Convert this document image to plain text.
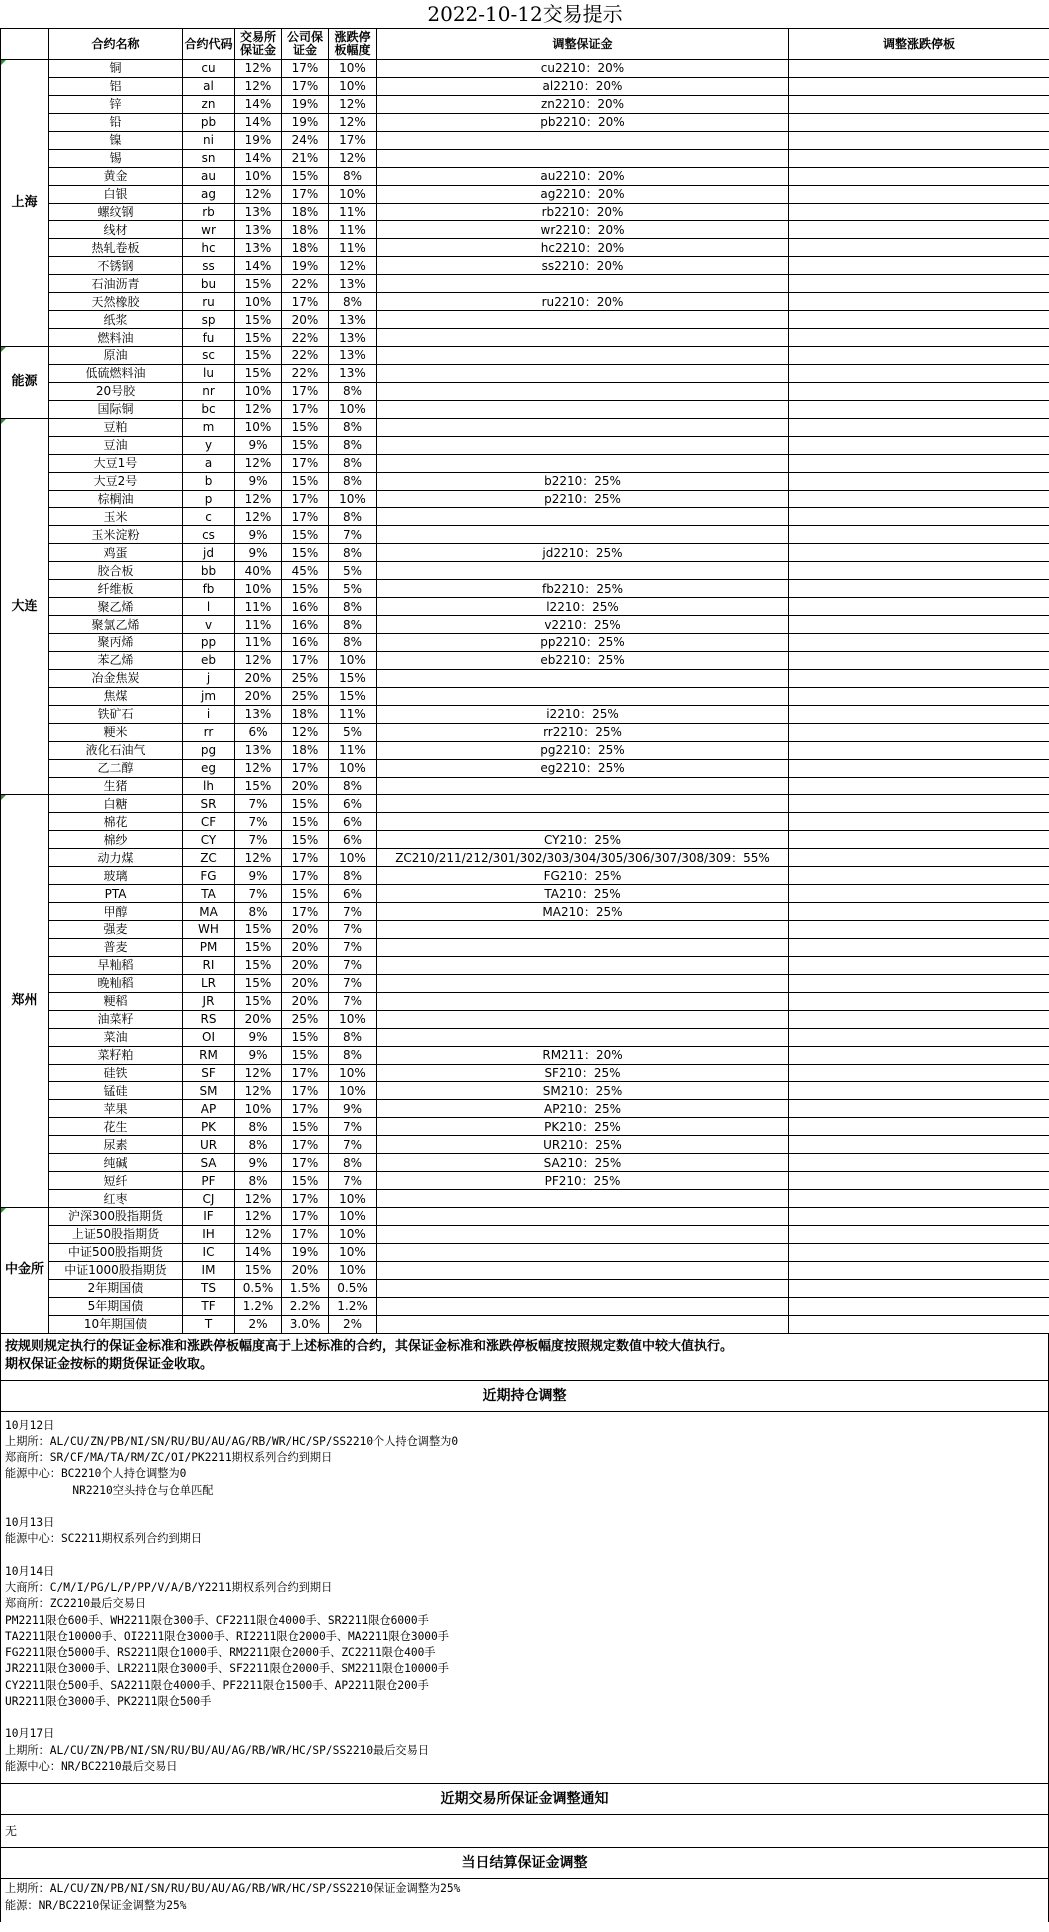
2022-10-12交易提示							
	合约名称	合约代码	交易所保证金	公司保证金	涨跌停板幅度	调整保证金	调整涨跌停板
上海	铜	cu	12%	17%	10%	cu2210：20%	
	铝	al	12%	17%	10%	al2210：20%	
	锌	zn	14%	19%	12%	zn2210：20%	
	铅	pb	14%	19%	12%	pb2210：20%	
	镍	ni	19%	24%	17%		
	锡	sn	14%	21%	12%		
	黄金	au	10%	15%	8%	au2210：20%	
	白银	ag	12%	17%	10%	ag2210：20%	
	螺纹钢	rb	13%	18%	11%	rb2210：20%	
	线材	wr	13%	18%	11%	wr2210：20%	
	热轧卷板	hc	13%	18%	11%	hc2210：20%	
	不锈钢	ss	14%	19%	12%	ss2210：20%	
	石油沥青	bu	15%	22%	13%		
	天然橡胶	ru	10%	17%	8%	ru2210：20%	
	纸浆	sp	15%	20%	13%		
	燃料油	fu	15%	22%	13%		
能源	原油	sc	15%	22%	13%		
	低硫燃料油	lu	15%	22%	13%		
	20号胶	nr	10%	17%	8%		
	国际铜	bc	12%	17%	10%		
大连	豆粕	m	10%	15%	8%		
	豆油	y	9%	15%	8%		
	大豆1号	a	12%	17%	8%		
	大豆2号	b	9%	15%	8%	b2210：25%	
	棕榈油	p	12%	17%	10%	p2210：25%	
	玉米	c	12%	17%	8%		
	玉米淀粉	cs	9%	15%	7%		
	鸡蛋	jd	9%	15%	8%	jd2210：25%	
	胶合板	bb	40%	45%	5%		
	纤维板	fb	10%	15%	5%	fb2210：25%	
	聚乙烯	l	11%	16%	8%	l2210：25%	
	聚氯乙烯	v	11%	16%	8%	v2210：25%	
	聚丙烯	pp	11%	16%	8%	pp2210：25%	
	苯乙烯	eb	12%	17%	10%	eb2210：25%	
	冶金焦炭	j	20%	25%	15%		
	焦煤	jm	20%	25%	15%		
	铁矿石	i	13%	18%	11%	i2210：25%	
	粳米	rr	6%	12%	5%	rr2210：25%	
	液化石油气	pg	13%	18%	11%	pg2210：25%	
	乙二醇	eg	12%	17%	10%	eg2210：25%	
	生猪	lh	15%	20%	8%		
郑州	白糖	SR	7%	15%	6%		
	棉花	CF	7%	15%	6%		
	棉纱	CY	7%	15%	6%	CY210：25%	
	动力煤	ZC	12%	17%	10%	ZC210/211/212/301/302/303/304/305/306/307/308/309：55%	
	玻璃	FG	9%	17%	8%	FG210：25%	
	PTA	TA	7%	15%	6%	TA210：25%	
	甲醇	MA	8%	17%	7%	MA210：25%	
	强麦	WH	15%	20%	7%		
	普麦	PM	15%	20%	7%		
	早籼稻	RI	15%	20%	7%		
	晚籼稻	LR	15%	20%	7%		
	粳稻	JR	15%	20%	7%		
	油菜籽	RS	20%	25%	10%		
	菜油	OI	9%	15%	8%		
	菜籽粕	RM	9%	15%	8%	RM211：20%	
	硅铁	SF	12%	17%	10%	SF210：25%	
	锰硅	SM	12%	17%	10%	SM210：25%	
	苹果	AP	10%	17%	9%	AP210：25%	
	花生	PK	8%	15%	7%	PK210：25%	
	尿素	UR	8%	17%	7%	UR210：25%	
	纯碱	SA	9%	17%	8%	SA210：25%	
	短纤	PF	8%	15%	7%	PF210：25%	
	红枣	CJ	12%	17%	10%		
中金所	沪深300股指期货	IF	12%	17%	10%		
	上证50股指期货	IH	12%	17%	10%		
	中证500股指期货	IC	14%	19%	10%		
	中证1000股指期货	IM	15%	20%	10%		
	2年期国债	TS	0.5%	1.5%	0.5%		
	5年期国债	TF	1.2%	2.2%	1.2%		
	10年期国债	T	2%	3.0%	2%		
按规则规定执行的保证金标准和涨跌停板幅度高于上述标准的合约，其保证金标准和涨跌停板幅度按照规定数值中较大值执行。
期权保证金按标的期货保证金收取。
近期持仓调整
10月12日
上期所：AL/CU/ZN/PB/NI/SN/RU/BU/AU/AG/RB/WR/HC/SP/SS2210个人持仓调整为0
郑商所：SR/CF/MA/TA/RM/ZC/OI/PK2211期权系列合约到期日
能源中心：BC2210个人持仓调整为0
NR2210空头持仓与仓单匹配
10月13日
能源中心：SC2211期权系列合约到期日
10月14日
大商所：C/M/I/PG/L/P/PP/V/A/B/Y2211期权系列合约到期日
郑商所：ZC2210最后交易日
PM2211限仓600手、WH2211限仓300手、CF2211限仓4000手、SR2211限仓6000手
TA2211限仓10000手、OI2211限仓3000手、RI2211限仓2000手、MA2211限仓3000手
FG2211限仓5000手、RS2211限仓1000手、RM2211限仓2000手、ZC2211限仓400手
JR2211限仓3000手、LR2211限仓3000手、SF2211限仓2000手、SM2211限仓10000手
CY2211限仓500手、SA2211限仓4000手、PF2211限仓1500手、AP2211限仓200手
UR2211限仓3000手、PK2211限仓500手
10月17日
上期所：AL/CU/ZN/PB/NI/SN/RU/BU/AU/AG/RB/WR/HC/SP/SS2210最后交易日
能源中心：NR/BC2210最后交易日
近期交易所保证金调整通知
无
当日结算保证金调整
上期所：AL/CU/ZN/PB/NI/SN/RU/BU/AU/AG/RB/WR/HC/SP/SS2210保证金调整为25%
能源：NR/BC2210保证金调整为25%
